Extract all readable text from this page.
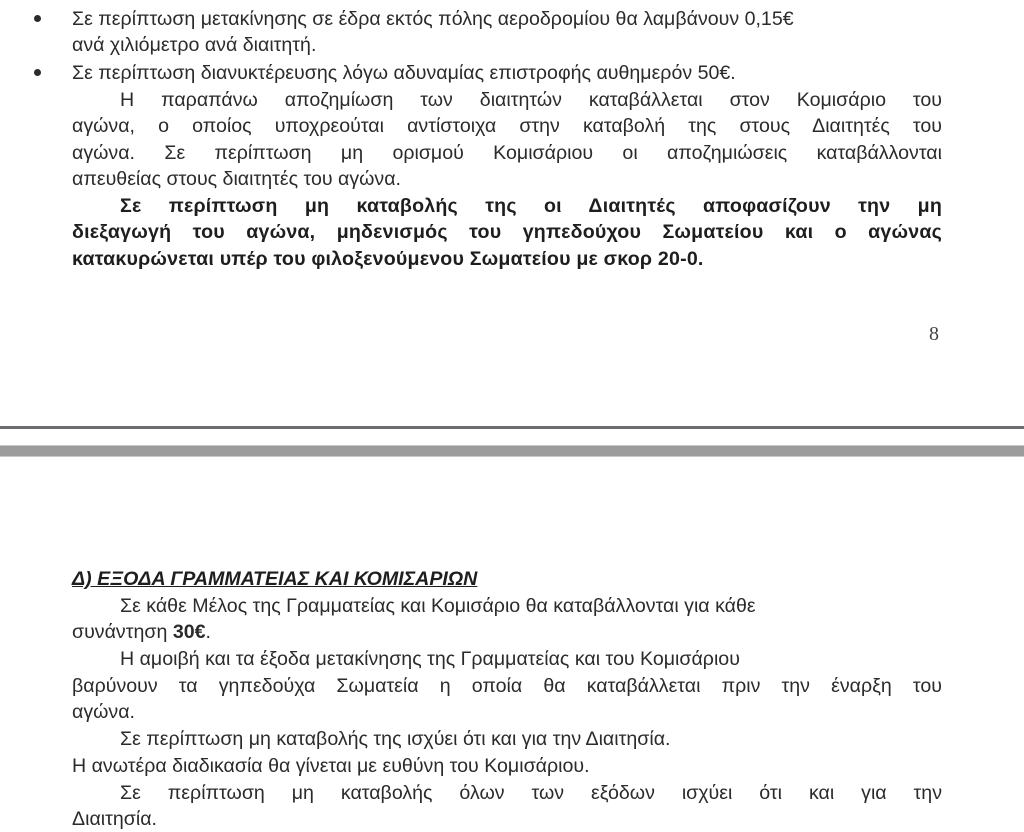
Σε περίπτωση μετακίνησης σε έδρα εκτός πόλης αεροδρομίου θα λαμβάνουν 0,15€
ανά χιλιόμετρο ανά διαιτητή.
Σε περίπτωση διανυκτέρευσης λόγω αδυναμίας επιστροφής αυθημερόν 50€.
Η παραπάνω αποζημίωση των διαιτητών καταβάλλεται στον Κομισάριο του
αγώνα, ο οποίος υποχρεούται αντίστοιχα στην καταβολή της στους Διαιτητές του
αγώνα. Σε περίπτωση μη ορισμού Κομισάριου οι αποζημιώσεις καταβάλλονται
απευθείας στους διαιτητές του αγώνα.
Σε περίπτωση μη καταβολής της οι Διαιτητές αποφασίζουν την μη
διεξαγωγή του αγώνα, μηδενισμός του γηπεδούχου Σωματείου και ο αγώνας
κατακυρώνεται υπέρ του φιλοξενούμενου Σωματείου με σκορ 20-0.
8
Δ) ΕΞΟΔΑ ΓΡΑΜΜΑΤΕΙΑΣ ΚΑΙ ΚΟΜΙΣΑΡΙΩΝ
Σε κάθε Μέλος της Γραμματείας και Κομισάριο θα καταβάλλονται για κάθε
συνάντηση 30€.
Η αμοιβή και τα έξοδα μετακίνησης της Γραμματείας και του Κομισάριου
βαρύνουν τα γηπεδούχα Σωματεία η οποία θα καταβάλλεται πριν την έναρξη του
αγώνα.
Σε περίπτωση μη καταβολής της ισχύει ότι και για την Διαιτησία.
Η ανωτέρα διαδικασία θα γίνεται με ευθύνη του Κομισάριου.
Σε περίπτωση μη καταβολής όλων των εξόδων ισχύει ότι και για την
Διαιτησία.
